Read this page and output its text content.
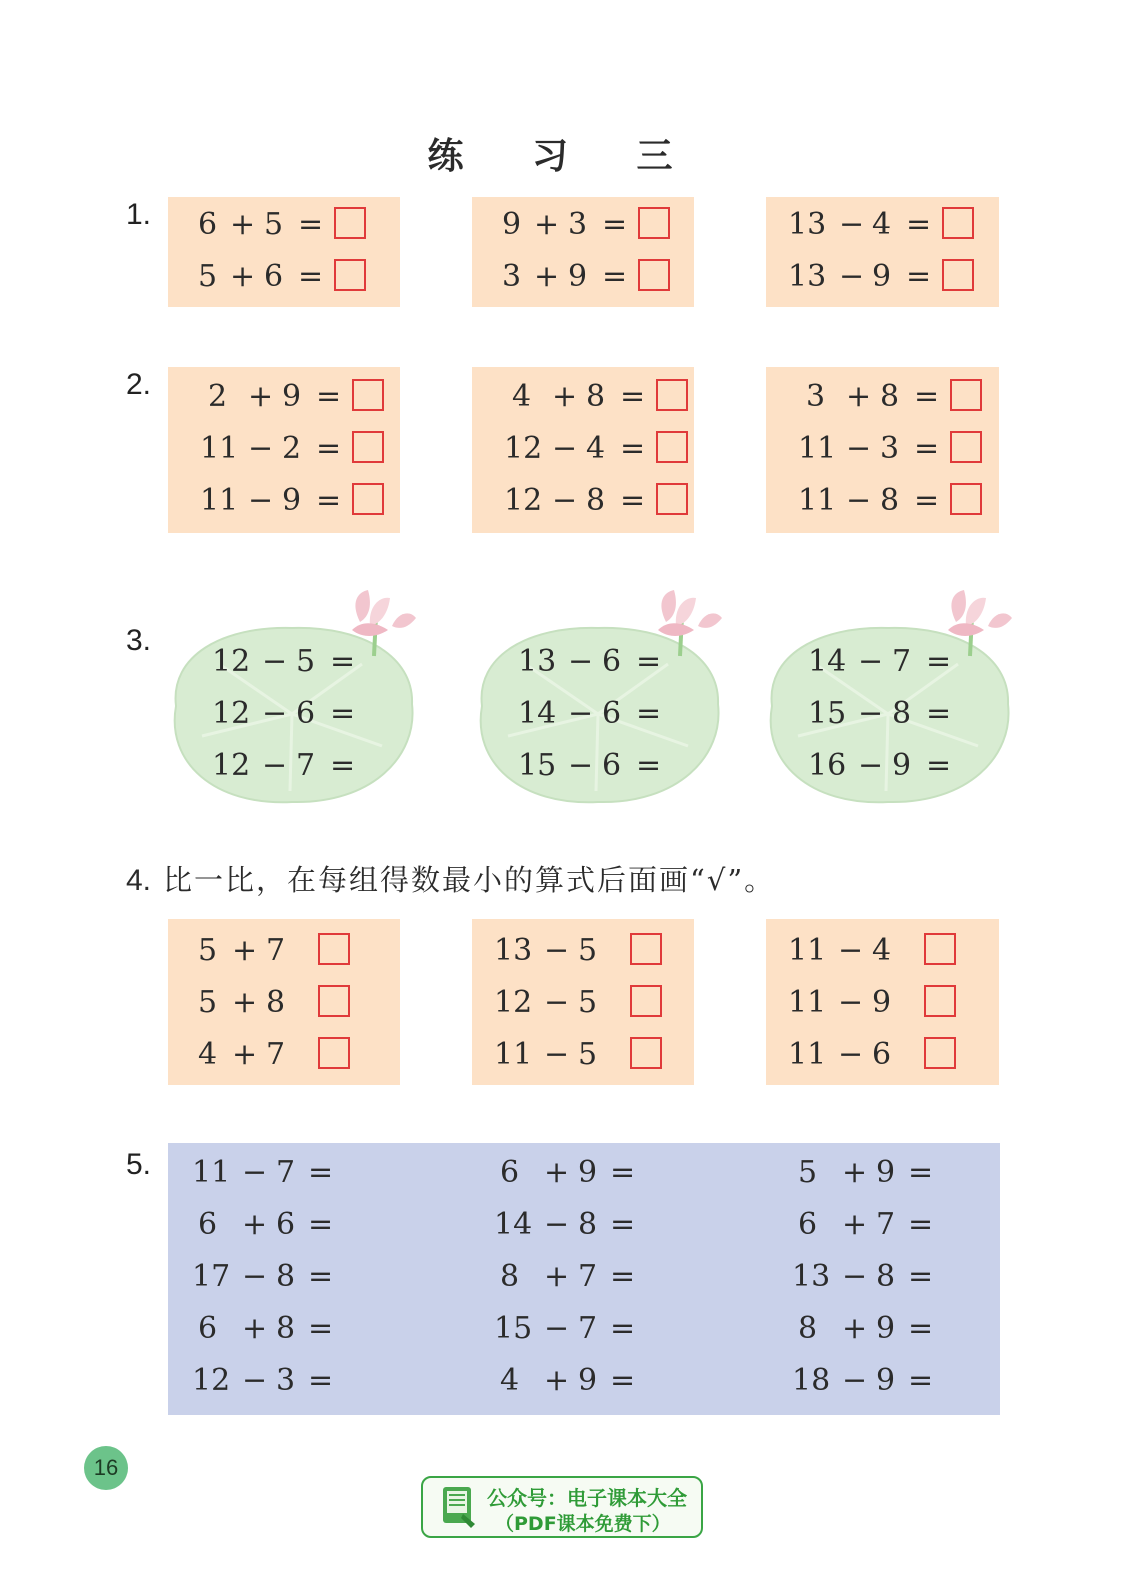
练 习 三
1. 6 + 5 =
5 + 6 =
9 + 3 =
3 + 9 =
13 − 4 =
13 − 9 =
2. 2 + 9 =
11 − 2 =
11 − 9 =
4 + 8 =
12 − 4 =
12 − 8 =
3 + 8 =
11 − 3 =
11 − 8 =
3.
12 − 5 =
12 − 6 =
12 − 7 =
13 − 6 =
14 − 6 =
15 − 6 =
14 − 7 =
15 − 8 =
16 − 9 =
4. 比一比，在每组得数最小的算式后面画“√”。
5 + 7
5 + 8
4 + 7
13 − 5
12 − 5
11 − 5
11 − 4
11 − 9
11 − 6
5. 11 − 7 =
6 + 6 =
17 − 8 =
6 + 8 =
12 − 3 =
6 + 9 =
14 − 8 =
8 + 7 =
15 − 7 =
4 + 9 =
5 + 9 =
6 + 7 =
13 − 8 =
8 + 9 =
18 − 9 =
16
公众号：电子课本大全
（PDF课本免费下）
